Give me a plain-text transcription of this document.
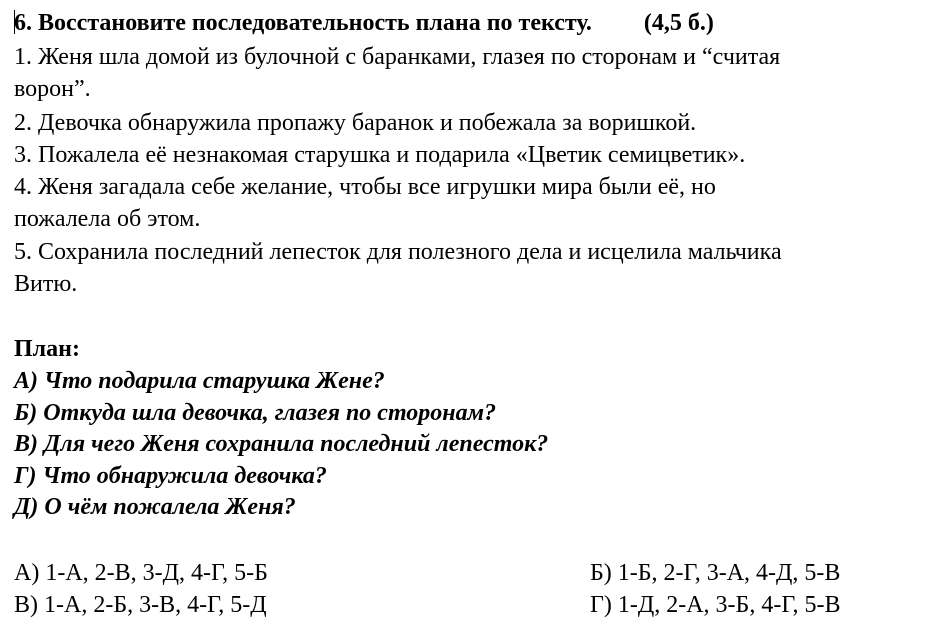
6. Восстановите последовательность плана по тексту. (4,5 б.)
1. Женя шла домой из булочной с баранками, глазея по сторонам и “считая
ворон”.
2. Девочка обнаружила пропажу баранок и побежала за воришкой.
3. Пожалела её незнакомая старушка и подарила «Цветик семицветик».
4. Женя загадала себе желание, чтобы все игрушки мира были её, но
пожалела об этом.
5. Сохранила последний лепесток для полезного дела и исцелила мальчика
Витю.
План:
А) Что подарила старушка Жене?
Б) Откуда шла девочка, глазея по сторонам?
В) Для чего Женя сохранила последний лепесток?
Г) Что обнаружила девочка?
Д) О чём пожалела Женя?
А) 1-А, 2-В, 3-Д, 4-Г, 5-Б	Б) 1-Б, 2-Г, 3-А, 4-Д, 5-В
В) 1-А, 2-Б, 3-В, 4-Г, 5-Д	Г) 1-Д, 2-А, 3-Б, 4-Г, 5-В
